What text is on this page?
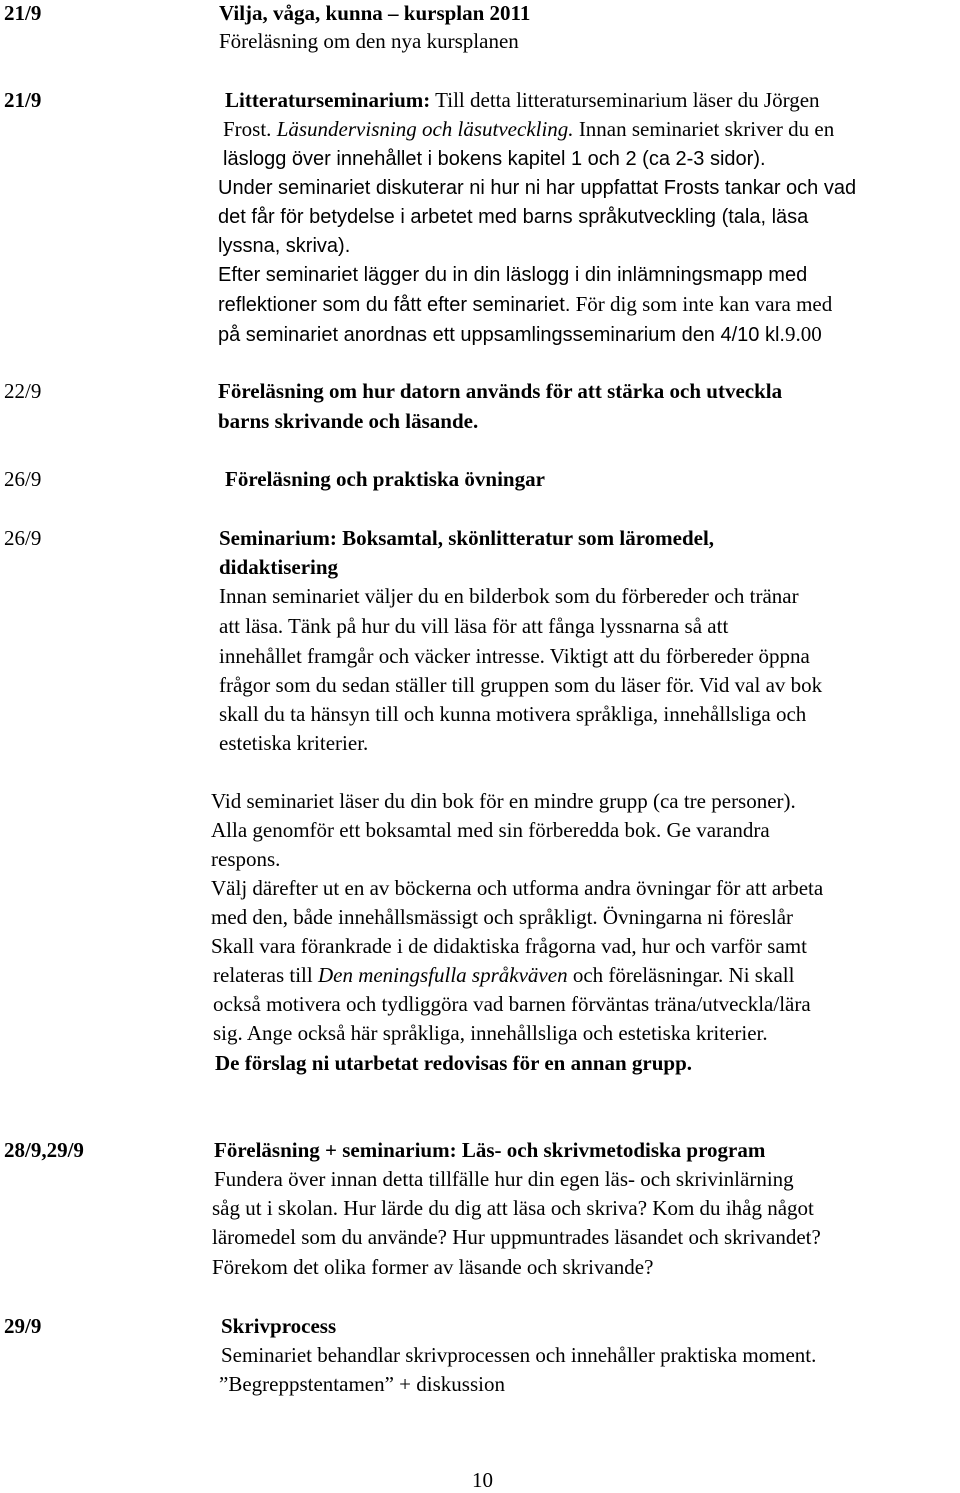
21/9	Vilja, våga, kunna – kursplan 2011
Föreläsning om den nya kursplanen
21/9	Litteraturseminarium: Till detta litteraturseminarium läser du Jörgen
Frost. Läsundervisning och läsutveckling. Innan seminariet skriver du en
läslogg över innehållet i bokens kapitel 1 och 2 (ca 2-3 sidor).
Under seminariet diskuterar ni hur ni har uppfattat Frosts tankar och vad
det får för betydelse i arbetet med barns språkutveckling (tala, läsa
lyssna, skriva).
Efter seminariet lägger du in din läslogg i din inlämningsmapp med
reflektioner som du fått efter seminariet. För dig som inte kan vara med
på seminariet anordnas ett uppsamlingsseminarium den 4/10 kl.9.00
22/9	Föreläsning om hur datorn används för att stärka och utveckla
barns skrivande och läsande.
26/9	Föreläsning och praktiska övningar
26/9	Seminarium: Boksamtal, skönlitteratur som läromedel,
didaktisering
Innan seminariet väljer du en bilderbok som du förbereder och tränar
att läsa. Tänk på hur du vill läsa för att fånga lyssnarna så att
innehållet framgår och väcker intresse. Viktigt att du förbereder öppna
frågor som du sedan ställer till gruppen som du läser för. Vid val av bok
skall du ta hänsyn till och kunna motivera språkliga, innehållsliga och
estetiska kriterier.
Vid seminariet läser du din bok för en mindre grupp (ca tre personer).
Alla genomför ett boksamtal med sin förberedda bok. Ge varandra
respons.
Välj därefter ut en av böckerna och utforma andra övningar för att arbeta
med den, både innehållsmässigt och språkligt. Övningarna ni föreslår
Skall vara förankrade i de didaktiska frågorna vad, hur och varför samt
relateras till Den meningsfulla språkväven och föreläsningar. Ni skall
också motivera och tydliggöra vad barnen förväntas träna/utveckla/lära
sig. Ange också här språkliga, innehållsliga och estetiska kriterier.
De förslag ni utarbetat redovisas för en annan grupp.
28/9,29/9	Föreläsning + seminarium: Läs- och skrivmetodiska program
Fundera över innan detta tillfälle hur din egen läs- och skrivinlärning
såg ut i skolan. Hur lärde du dig att läsa och skriva? Kom du ihåg något
läromedel som du använde? Hur uppmuntrades läsandet och skrivandet?
Förekom det olika former av läsande och skrivande?
29/9	Skrivprocess
Seminariet behandlar skrivprocessen och innehåller praktiska moment.
”Begreppstentamen” + diskussion
10
